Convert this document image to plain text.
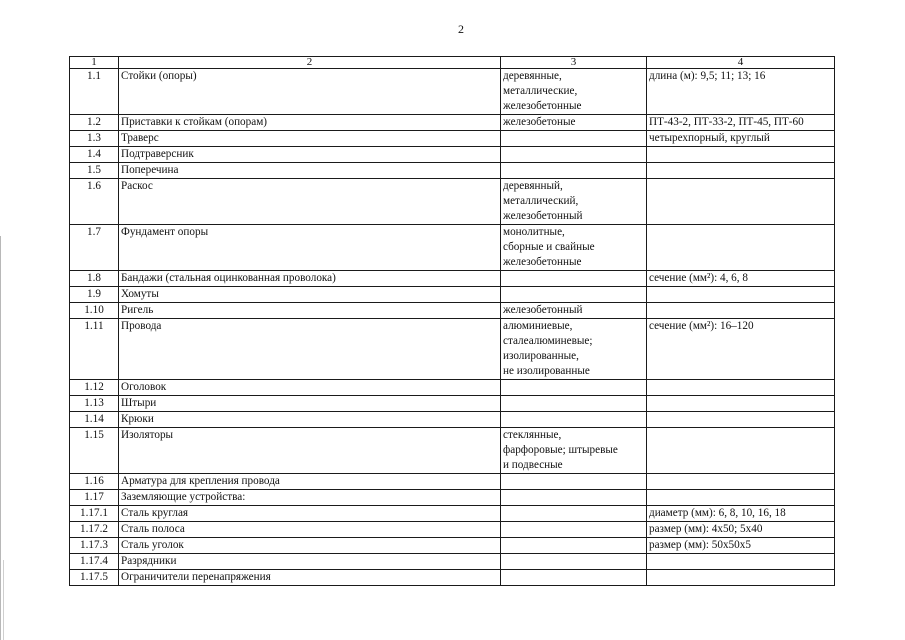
2
1	2	3	4
1.1	Стойки (опоры)	деревянные,
металлические,
железобетонные	длина (м): 9,5; 11; 13; 16
1.2	Приставки к стойкам (опорам)	железобетоные	ПТ-43-2, ПТ-33-2, ПТ-45, ПТ-60
1.3	Траверс		четырехпорный, круглый
1.4	Подтраверсник		
1.5	Поперечина		
1.6	Раскос	деревянный,
металлический,
железобетонный	
1.7	Фундамент опоры	монолитные,
сборные и свайные
железобетонные	
1.8	Бандажи (стальная оцинкованная проволока)		сечение (мм²): 4, 6, 8
1.9	Хомуты		
1.10	Ригель	железобетонный	
1.11	Провода	алюминиевые,
сталеалюминевые;
изолированные,
не изолированные	сечение (мм²): 16–120
1.12	Оголовок		
1.13	Штыри		
1.14	Крюки		
1.15	Изоляторы	стеклянные,
фарфоровые; штыревые
и подвесные	
1.16	Арматура для крепления провода		
1.17	Заземляющие устройства:		
1.17.1	Сталь круглая		диаметр (мм): 6, 8, 10, 16, 18
1.17.2	Сталь полоса		размер (мм): 4х50; 5х40
1.17.3	Сталь уголок		размер (мм): 50х50х5
1.17.4	Разрядники		
1.17.5	Ограничители перенапряжения		
